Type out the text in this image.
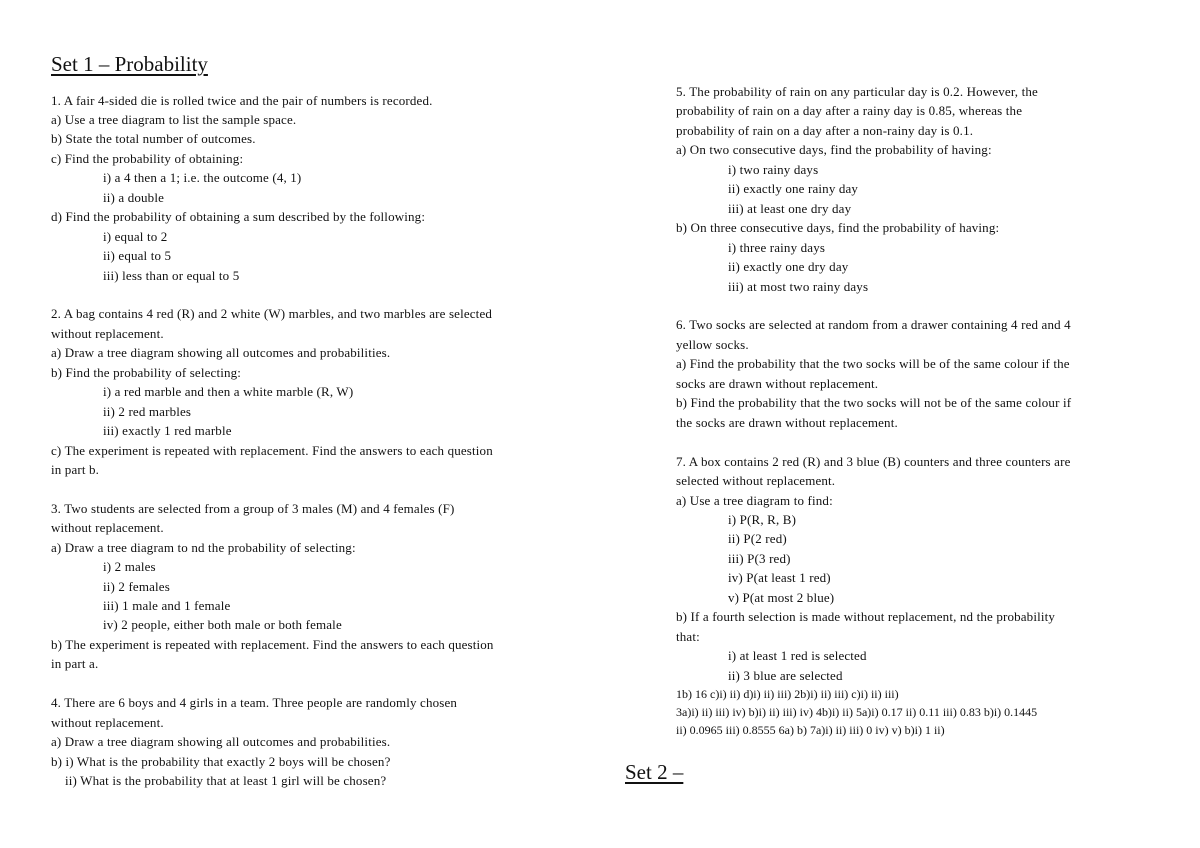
Set 1 – Probability
1. A fair 4-sided die is rolled twice and the pair of numbers is recorded.
a) Use a tree diagram to list the sample space.
b) State the total number of outcomes.
c) Find the probability of obtaining:
i) a 4 then a 1; i.e. the outcome (4, 1)
ii) a double
d) Find the probability of obtaining a sum described by the following:
i) equal to 2
ii) equal to 5
iii) less than or equal to 5
2. A bag contains 4 red (R) and 2 white (W) marbles, and two marbles are selected
without replacement.
a) Draw a tree diagram showing all outcomes and probabilities.
b) Find the probability of selecting:
i) a red marble and then a white marble (R, W)
ii) 2 red marbles
iii) exactly 1 red marble
c) The experiment is repeated with replacement. Find the answers to each question
in part b.
3. Two students are selected from a group of 3 males (M) and 4 females (F)
without replacement.
a) Draw a tree diagram to nd the probability of selecting:
i) 2 males
ii) 2 females
iii) 1 male and 1 female
iv) 2 people, either both male or both female
b) The experiment is repeated with replacement. Find the answers to each question
in part a.
4. There are 6 boys and 4 girls in a team. Three people are randomly chosen
without replacement.
a) Draw a tree diagram showing all outcomes and probabilities.
b) i) What is the probability that exactly 2 boys will be chosen?
ii) What is the probability that at least 1 girl will be chosen?
5. The probability of rain on any particular day is 0.2. However, the
probability of rain on a day after a rainy day is 0.85, whereas the
probability of rain on a day after a non-rainy day is 0.1.
a) On two consecutive days, find the probability of having:
i) two rainy days
ii) exactly one rainy day
iii) at least one dry day
b) On three consecutive days, find the probability of having:
i) three rainy days
ii) exactly one dry day
iii) at most two rainy days
6. Two socks are selected at random from a drawer containing 4 red and 4
yellow socks.
a) Find the probability that the two socks will be of the same colour if the
socks are drawn without replacement.
b) Find the probability that the two socks will not be of the same colour if
the socks are drawn without replacement.
7. A box contains 2 red (R) and 3 blue (B) counters and three counters are
selected without replacement.
a) Use a tree diagram to find:
i) P(R, R, B)
ii) P(2 red)
iii) P(3 red)
iv) P(at least 1 red)
v) P(at most 2 blue)
b) If a fourth selection is made without replacement, nd the probability
that:
i) at least 1 red is selected
ii) 3 blue are selected
1b) 16 c)i) ii) d)i) ii) iii) 2b)i) ii) iii) c)i) ii) iii)
3a)i) ii) iii) iv) b)i) ii) iii) iv) 4b)i) ii) 5a)i) 0.17 ii) 0.11 iii) 0.83 b)i) 0.1445
ii) 0.0965 iii) 0.8555 6a) b) 7a)i) ii) iii) 0 iv) v) b)i) 1 ii)
Set 2 –
